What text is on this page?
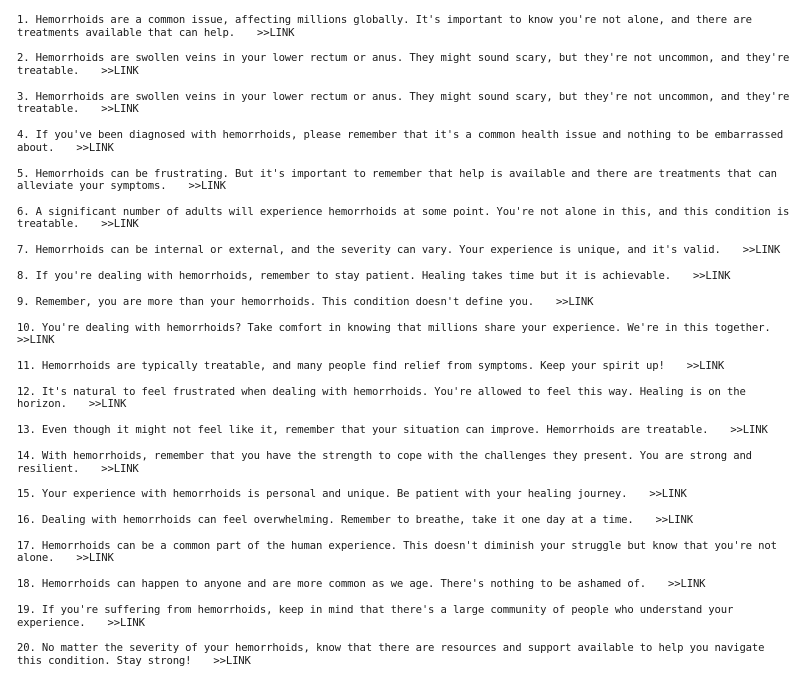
1. Hemorrhoids are a common issue, affecting millions globally. It's important to know you're not alone, and there are treatments available that can help. >>LINK
2. Hemorrhoids are swollen veins in your lower rectum or anus. They might sound scary, but they're not uncommon, and they're treatable. >>LINK
3. Hemorrhoids are swollen veins in your lower rectum or anus. They might sound scary, but they're not uncommon, and they're treatable. >>LINK
4. If you've been diagnosed with hemorrhoids, please remember that it's a common health issue and nothing to be embarrassed about. >>LINK
5. Hemorrhoids can be frustrating. But it's important to remember that help is available and there are treatments that can alleviate your symptoms. >>LINK
6. A significant number of adults will experience hemorrhoids at some point. You're not alone in this, and this condition is treatable. >>LINK
7. Hemorrhoids can be internal or external, and the severity can vary. Your experience is unique, and it's valid. >>LINK
8. If you're dealing with hemorrhoids, remember to stay patient. Healing takes time but it is achievable. >>LINK
9. Remember, you are more than your hemorrhoids. This condition doesn't define you. >>LINK
10. You're dealing with hemorrhoids? Take comfort in knowing that millions share your experience. We're in this together.>>LINK
11. Hemorrhoids are typically treatable, and many people find relief from symptoms. Keep your spirit up! >>LINK
12. It's natural to feel frustrated when dealing with hemorrhoids. You're allowed to feel this way. Healing is on the horizon. >>LINK
13. Even though it might not feel like it, remember that your situation can improve. Hemorrhoids are treatable. >>LINK
14. With hemorrhoids, remember that you have the strength to cope with the challenges they present. You are strong and resilient. >>LINK
15. Your experience with hemorrhoids is personal and unique. Be patient with your healing journey. >>LINK
16. Dealing with hemorrhoids can feel overwhelming. Remember to breathe, take it one day at a time. >>LINK
17. Hemorrhoids can be a common part of the human experience. This doesn't diminish your struggle but know that you're not alone. >>LINK
18. Hemorrhoids can happen to anyone and are more common as we age. There's nothing to be ashamed of. >>LINK
19. If you're suffering from hemorrhoids, keep in mind that there's a large community of people who understand your experience. >>LINK
20. No matter the severity of your hemorrhoids, know that there are resources and support available to help you navigate this condition. Stay strong! >>LINK
